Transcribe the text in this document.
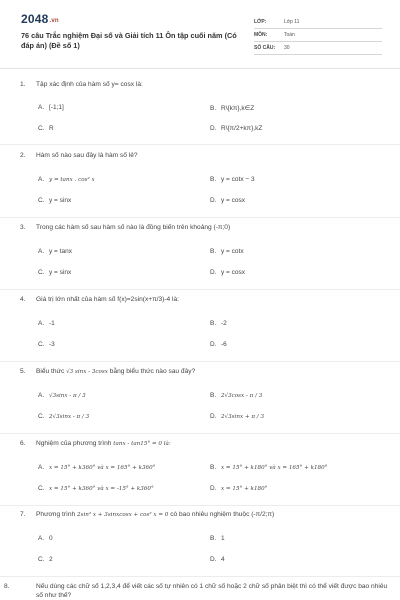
2048.vn
76 câu Trắc nghiệm Đại số và Giải tích 11 Ôn tập cuối năm (Có đáp án) (Đề số 1)
LỚP:	Lớp 11
MÔN:	Toán
SỐ CÂU: 30
1. Tập xác định của hàm số y= cosx là:
A. [-1;1]	B. R\{kπ},k∈Z
C. R	D. R\{π/2+kπ},kZ
2. Hàm số nào sau đây là hàm số lẻ?
A. y = tanx . cos² x	B. y = cotx − 3
C. y = sinx	D. y = cosx
3. Trong các hàm số sau hàm số nào là đồng biến trên khoảng (-π;0)
A. y = tanx	B. y = cotx
C. y = sinx	D. y = cosx
4. Giá trị lớn nhất của hàm số f(x)=2sin(x+π/3)-4 là:
A. -1	B. -2
C. -3	D. -6
5. Biểu thức √3 sinx - 3cosx bằng biểu thức nào sau đây?
A. √3sinx - π / 3	B. 2√3cosx - π / 3
C. 2√3sinx - π / 3	D. 2√3sinx + π / 3
6. Nghiệm của phương trình tanx - tan15° = 0 là:
A. x = 15° + k360° và x = 165° + k360°	B. x = 15° + k180° và x = 165° + k180°
C. x = 15° + k360° và x = -15° + k360°	D. x = 15° + k180°
7. Phương trình 2sin² x + 3sinxcosx + cos² x = 0 có bao nhiêu nghiệm thuộc (-π/2;π)
A. 0	B. 1
C. 2	D. 4
8.	Nếu dùng các chữ số 1,2,3,4 để viết các số tự nhiên có 1 chữ số hoặc 2 chữ số phân biệt thì có thể viết được bao nhiêu số như thế?
